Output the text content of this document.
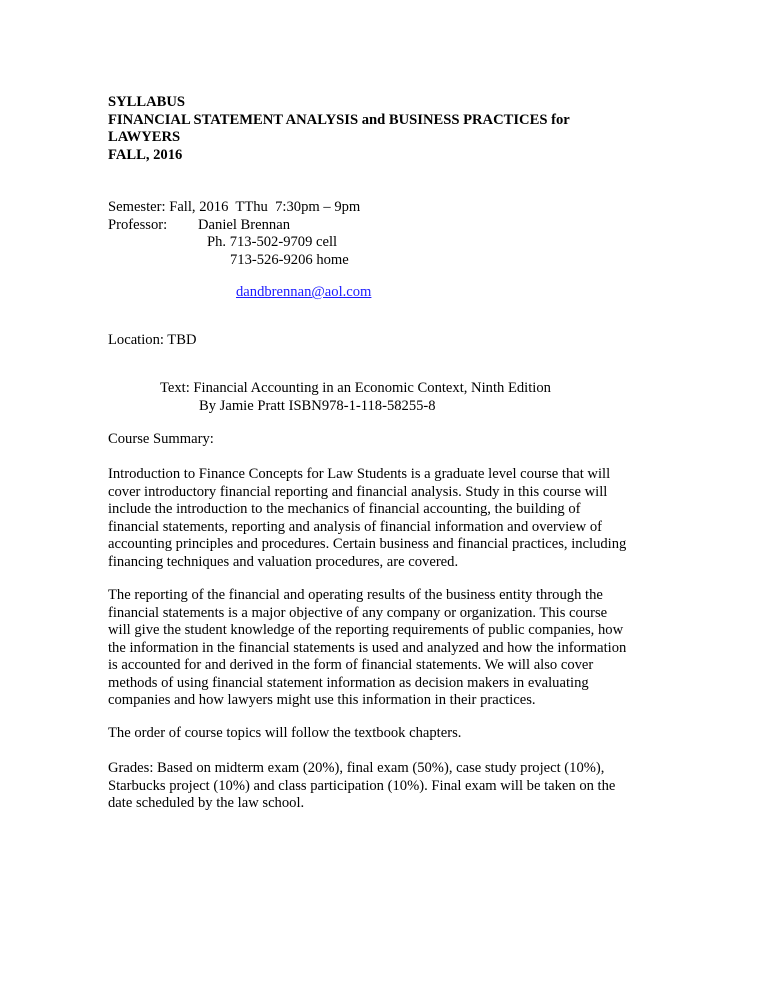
SYLLABUS
FINANCIAL STATEMENT ANALYSIS and BUSINESS PRACTICES for
LAWYERS
FALL, 2016
Semester: Fall, 2016  TThu  7:30pm – 9pm
Professor: Daniel Brennan
Ph. 713-502-9709 cell
713-526-9206 home
dandbrennan@aol.com
Location: TBD
Text: Financial Accounting in an Economic Context, Ninth Edition
By Jamie Pratt ISBN978-1-118-58255-8
Course Summary:
Introduction to Finance Concepts for Law Students is a graduate level course that will
cover introductory financial reporting and financial analysis. Study in this course will
include the introduction to the mechanics of financial accounting, the building of
financial statements, reporting and analysis of financial information and overview of
accounting principles and procedures. Certain business and financial practices, including
financing techniques and valuation procedures, are covered.
The reporting of the financial and operating results of the business entity through the
financial statements is a major objective of any company or organization. This course
will give the student knowledge of the reporting requirements of public companies, how
the information in the financial statements is used and analyzed and how the information
is accounted for and derived in the form of financial statements. We will also cover
methods of using financial statement information as decision makers in evaluating
companies and how lawyers might use this information in their practices.
The order of course topics will follow the textbook chapters.
Grades: Based on midterm exam (20%), final exam (50%), case study project (10%),
Starbucks project (10%) and class participation (10%). Final exam will be taken on the
date scheduled by the law school.
